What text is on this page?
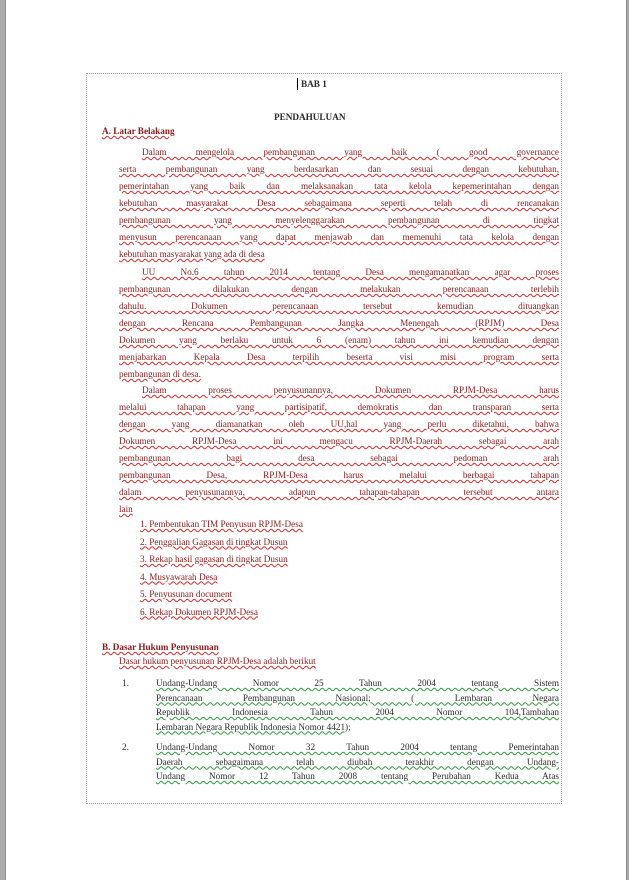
BAB 1
PENDAHULUAN
A. Latar Belakang
Dalam mengelola pembangunan yang baik ( good governance
serta pembangunan yang berdasarkan dan sesuai dengan kebutuhan,
pemerintahan yang baik dan melaksanakan tata kelola kepemerintahan dengan
kebutuhan masyarakat Desa sebagaimana seperti telah di rencanakan
pembangunan yang menyelenggarakan pembangunan di tingkat
menyusun perencanaan yang dapat menjawab dan memenuhi tata kelola dengan
kebutuhan masyarakat yang ada di desa
UU No.6 tahun 2014 tentang Desa mengamanatkan agar proses
pembangunan dilakukan dengan melakukan perencanaan terlebih
dahulu. Dokumen perencanaan tersebut kemudian dituangkan
dengan Rencana Pembangunan Jangka Menengah (RPJM) Desa
Dokumen yang berlaku untuk 6 (enam) tahun ini kemudian dengan
menjabarkan Kepala Desa terpilih beserta visi misi program serta
pembangunan di desa.
Dalam proses penyusunannya, Dokumen RPJM-Desa harus
melalui tahapan yang partisipatif, demokratis dan transparan serta
dengan yang diamanatkan oleh UU,hal yang perlu diketahui, bahwa
Dokumen RPJM-Desa ini mengacu RPJM-Daerah sebagai arah
pembangunan bagi desa sebagai pedoman arah
pembangunan Desa, RPJM-Desa harus melalui berbagai tahapan
dalam penyusunannya, adapun tahapan-tahapan tersebut antara
lain
1. Pembentukan TIM Penyusun RPJM-Desa
2. Penggalian Gagasan di tingkat Dusun
3. Rekap hasil gagasan di tingkat Dusun
4. Musyawarah Desa
5. Penyusunan document
6. Rekap Dokumen RPJM-Desa
B. Dasar Hukum Penyusunan
Dasar hukum penyusunan RPJM-Desa adalah berikut
1.	Undang-Undang Nomor 25 Tahun 2004 tentang Sistem
Perencanaan Pembangunan Nasional; ( Lembaran Negara
Republik Indonesia Tahun 2004 Nomor 104,Tambahan
Lembaran Negara Republik Indonesia Nomor 4421);
2.	Undang-Undang Nomor 32 Tahun 2004 tentang Pemerintahan
Daerah sebagaimana telah diubah terakhir dengan Undang-
Undang Nomor 12 Tahun 2008 tentang Perubahan Kedua Atas
